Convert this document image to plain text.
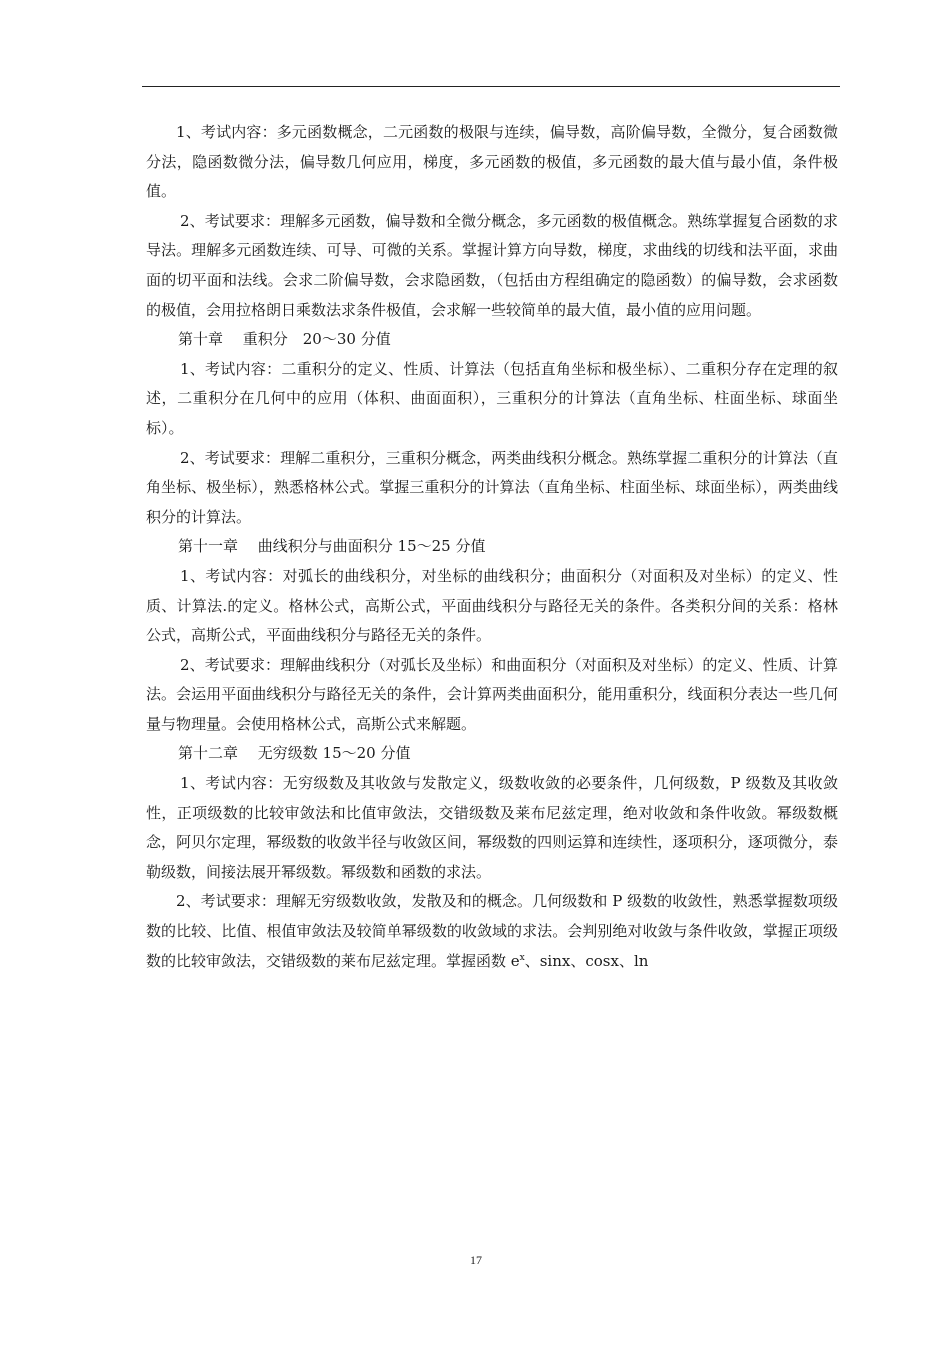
1、考试内容：多元函数概念，二元函数的极限与连续，偏导数，高阶偏导数，全微分，复合函数微分法，隐函数微分法，偏导数几何应用，梯度，多元函数的极值，多元函数的最大值与最小值，条件极值。

2、考试要求：理解多元函数，偏导数和全微分概念，多元函数的极值概念。熟练掌握复合函数的求导法。理解多元函数连续、可导、可微的关系。掌握计算方向导数，梯度，求曲线的切线和法平面，求曲面的切平面和法线。会求二阶偏导数，会求隐函数，（包括由方程组确定的隐函数）的偏导数，会求函数的极值，会用拉格朗日乘数法求条件极值，会求解一些较简单的最大值，最小值的应用问题。

第十章　 重积分　20～30 分值

1、考试内容：二重积分的定义、性质、计算法（包括直角坐标和极坐标）、二重积分存在定理的叙述，二重积分在几何中的应用（体积、曲面面积），三重积分的计算法（直角坐标、柱面坐标、球面坐标）。

2、考试要求：理解二重积分，三重积分概念，两类曲线积分概念。熟练掌握二重积分的计算法（直角坐标、极坐标），熟悉格林公式。掌握三重积分的计算法（直角坐标、柱面坐标、球面坐标），两类曲线积分的计算法。

第十一章　 曲线积分与曲面积分 15～25 分值

1、考试内容：对弧长的曲线积分，对坐标的曲线积分；曲面积分（对面积及对坐标）的定义、性质、计算法.的定义。格林公式，高斯公式，平面曲线积分与路径无关的条件。各类积分间的关系：格林公式，高斯公式，平面曲线积分与路径无关的条件。

2、考试要求：理解曲线积分（对弧长及坐标）和曲面积分（对面积及对坐标）的定义、性质、计算法。会运用平面曲线积分与路径无关的条件，会计算两类曲面积分，能用重积分，线面积分表达一些几何量与物理量。会使用格林公式，高斯公式来解题。

第十二章　 无穷级数 15～20 分值

1、考试内容：无穷级数及其收敛与发散定义，级数收敛的必要条件，几何级数，P 级数及其收敛性，正项级数的比较审敛法和比值审敛法，交错级数及莱布尼兹定理，绝对收敛和条件收敛。幂级数概念，阿贝尔定理，幂级数的收敛半径与收敛区间，幂级数的四则运算和连续性，逐项积分，逐项微分，泰勒级数，间接法展开幂级数。幂级数和函数的求法。

2、考试要求：理解无穷级数收敛，发散及和的概念。几何级数和 P 级数的收敛性，熟悉掌握数项级数的比较、比值、根值审敛法及较简单幂级数的收敛域的求法。会判别绝对收敛与条件收敛，掌握正项级数的比较审敛法，交错级数的莱布尼兹定理。掌握函数 $e^x$、sinx、cosx、ln

17
